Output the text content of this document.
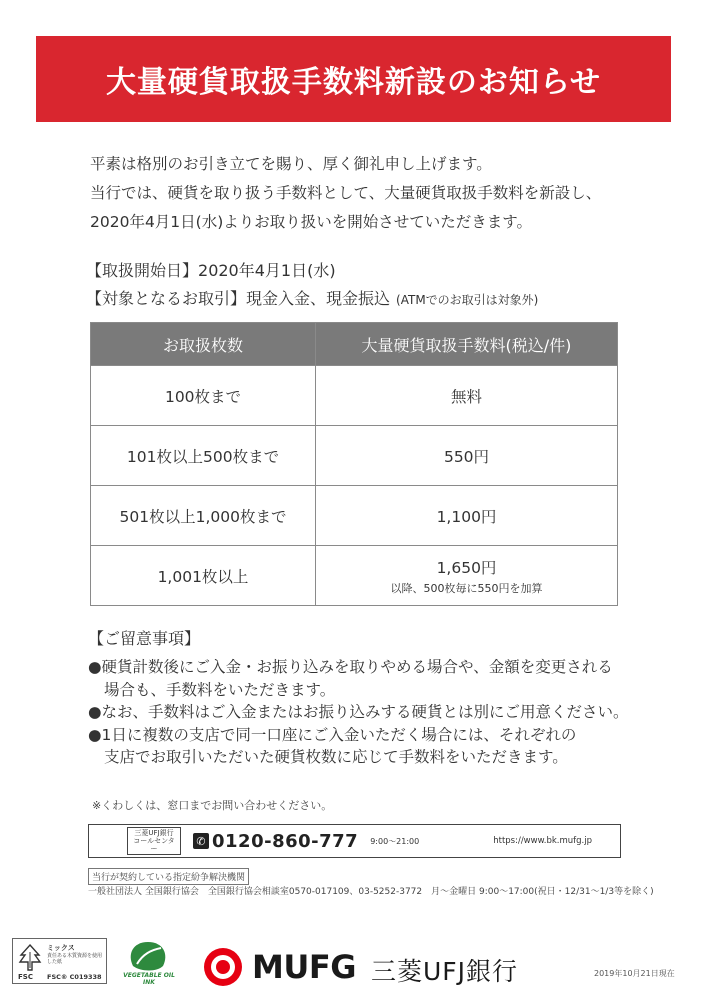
大量硬貨取扱手数料新設のお知らせ
平素は格別のお引き立てを賜り、厚く御礼申し上げます。
当行では、硬貨を取り扱う手数料として、大量硬貨取扱手数料を新設し、
2020年4月1日(水)よりお取り扱いを開始させていただきます。
【取扱開始日】2020年4月1日(水)
【対象となるお取引】現金入金、現金振込 (ATMでのお取引は対象外)
お取扱枚数	大量硬貨取扱手数料(税込/件)
100枚まで	無料
101枚以上500枚まで	550円
501枚以上1,000枚まで	1,100円
1,001枚以上	1,650円
以降、500枚毎に550円を加算
【ご留意事項】
●硬貨計数後にご入金・お振り込みを取りやめる場合や、金額を変更される
場合も、手数料をいただきます。
●なお、手数料はご入金またはお振り込みする硬貨とは別にご用意ください。
●1日に複数の支店で同一口座にご入金いただく場合には、それぞれの
支店でお取引いただいた硬貨枚数に応じて手数料をいただきます。
※くわしくは、窓口までお問い合わせください。
三菱UFJ銀行
コールセンター
✆ 0120-860-777 9:00〜21:00	https://www.bk.mufg.jp
当行が契約している指定紛争解決機関
一般社団法人 全国銀行協会　全国銀行協会相談室0570-017109、03-5252-3772　月〜金曜日 9:00〜17:00(祝日・12/31〜1/3等を除く)
FSC
ミックス
責任ある木質資源を使用した紙
FSC® C019338	VEGETABLE OIL INK	MUFG 三菱UFJ銀行	2019年10月21日現在
